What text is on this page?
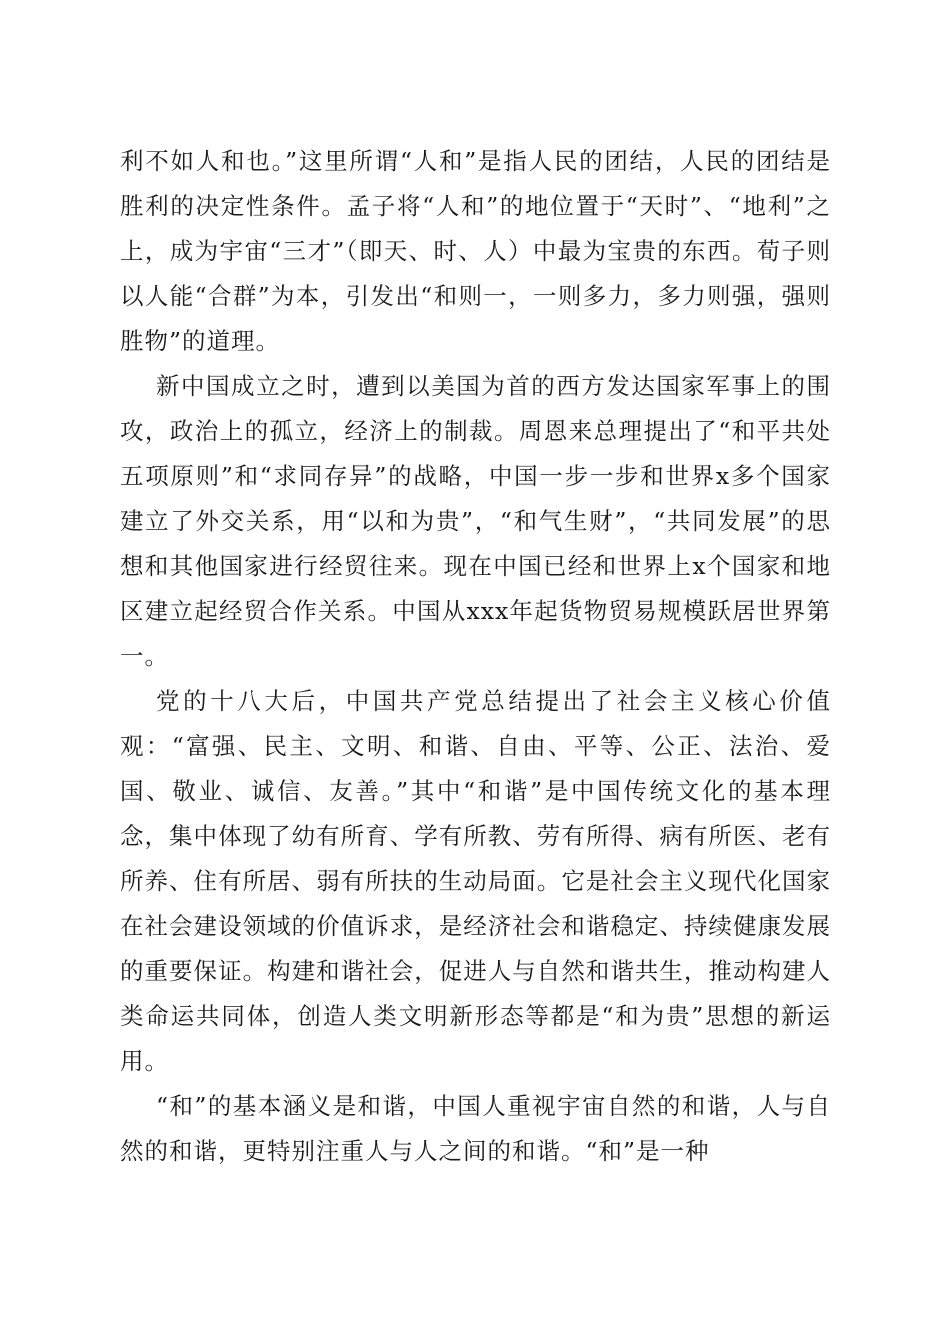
利不如人和也。”这里所谓“人和”是指人民的团结，人民的团结是胜利的决定性条件。孟子将“人和”的地位置于“天时”、“地利”之上，成为宇宙“三才”（即天、时、人）中最为宝贵的东西。荀子则以人能“合群”为本，引发出“和则一，一则多力，多力则强，强则胜物”的道理。

新中国成立之时，遭到以美国为首的西方发达国家军事上的围攻，政治上的孤立，经济上的制裁。周恩来总理提出了“和平共处五项原则”和“求同存异”的战略，中国一步一步和世界x多个国家建立了外交关系，用“以和为贵”，“和气生财”，“共同发展”的思想和其他国家进行经贸往来。现在中国已经和世界上x个国家和地区建立起经贸合作关系。中国从xxx年起货物贸易规模跃居世界第一。

党的十八大后，中国共产党总结提出了社会主义核心价值观：“富强、民主、文明、和谐、自由、平等、公正、法治、爱国、敬业、诚信、友善。”其中“和谐”是中国传统文化的基本理念，集中体现了幼有所育、学有所教、劳有所得、病有所医、老有所养、住有所居、弱有所扶的生动局面。它是社会主义现代化国家在社会建设领域的价值诉求，是经济社会和谐稳定、持续健康发展的重要保证。构建和谐社会，促进人与自然和谐共生，推动构建人类命运共同体，创造人类文明新形态等都是“和为贵”思想的新运用。

“和”的基本涵义是和谐，中国人重视宇宙自然的和谐，人与自然的和谐，更特别注重人与人之间的和谐。“和”是一种
